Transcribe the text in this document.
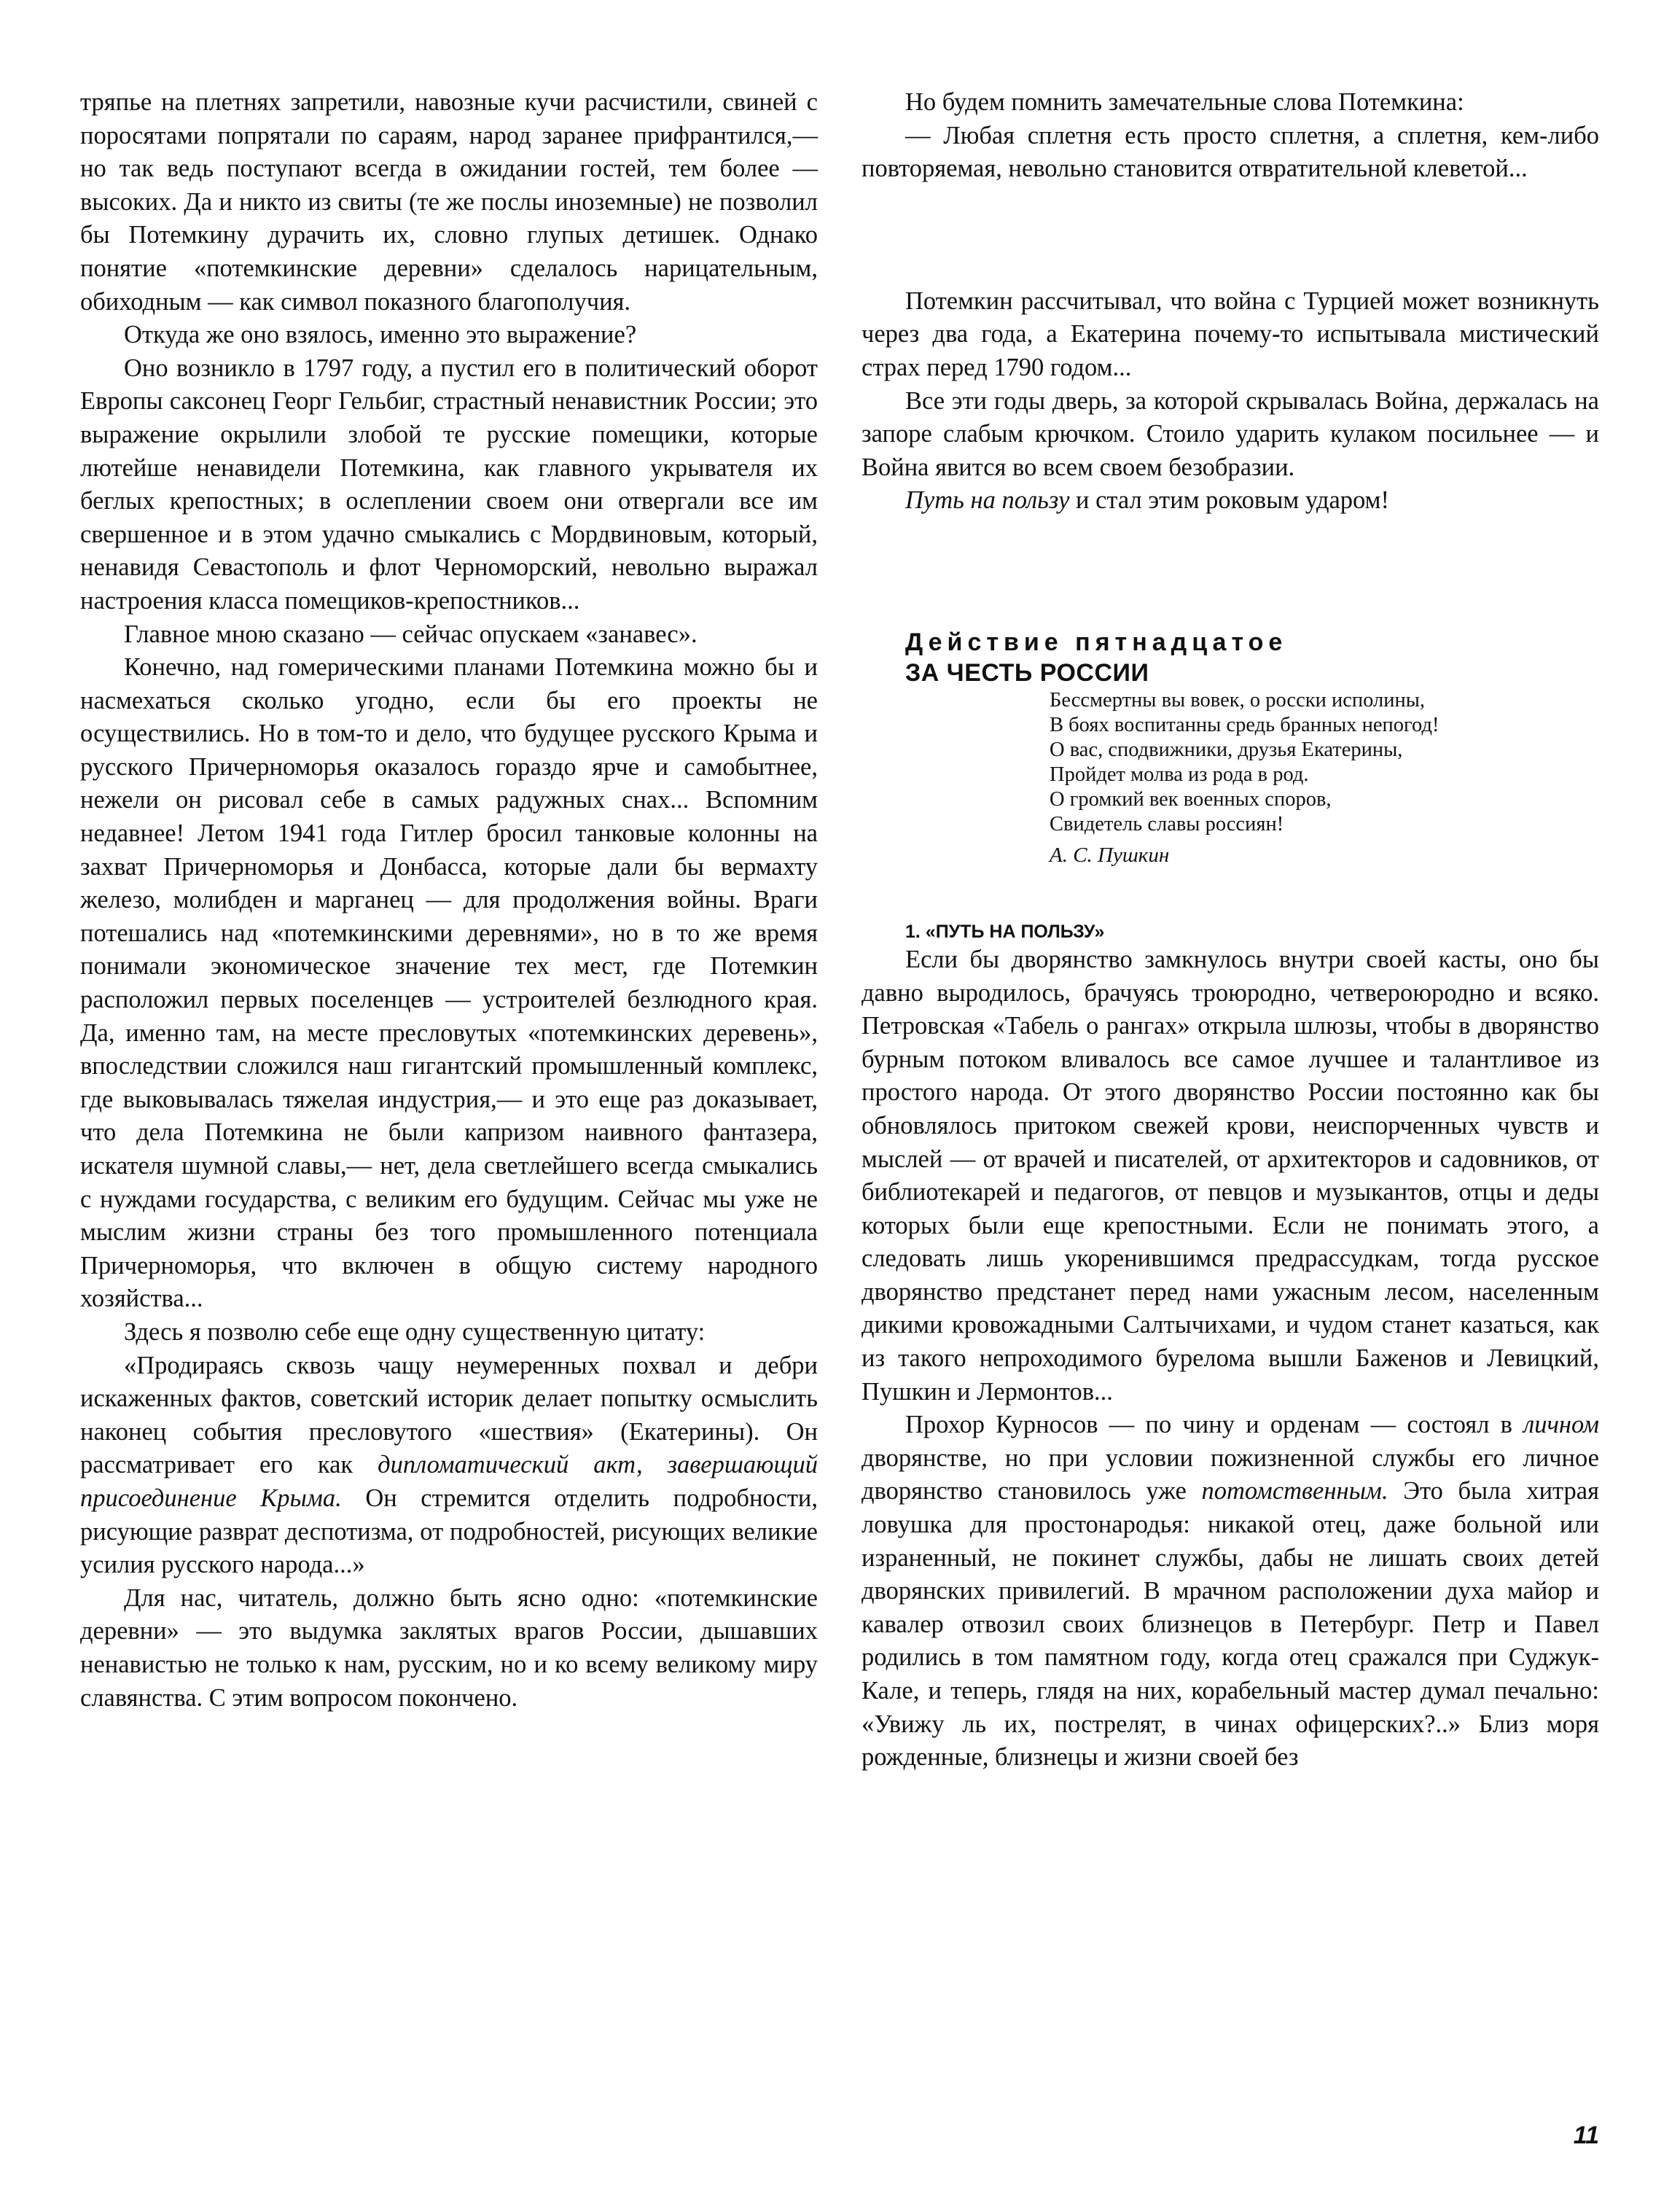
тряпье на плетнях запретили, навозные кучи расчистили, свиней с поросятами попрятали по сараям, народ заранее прифрантился,— но так ведь поступают всегда в ожидании гостей, тем более — высоких. Да и никто из свиты (те же послы иноземные) не позволил бы Потемкину дурачить их, словно глупых детишек. Однако понятие «потемкинские деревни» сделалось нарицательным, обиходным — как символ показного благополучия.

Откуда же оно взялось, именно это выражение?

Оно возникло в 1797 году, а пустил его в политический оборот Европы саксонец Георг Гельбиг, страстный ненавистник России; это выражение окрылили злобой те русские помещики, которые лютейше ненавидели Потемкина, как главного укрывателя их беглых крепостных; в ослеплении своем они отвергали все им свершенное и в этом удачно смыкались с Мордвиновым, который, ненавидя Севастополь и флот Черноморский, невольно выражал настроения класса помещиков-крепостников...

Главное мною сказано — сейчас опускаем «занавес».

Конечно, над гомерическими планами Потемкина можно бы и насмехаться сколько угодно, если бы его проекты не осуществились. Но в том-то и дело, что будущее русского Крыма и русского Причерноморья оказалось гораздо ярче и самобытнее, нежели он рисовал себе в самых радужных снах... Вспомним недавнее! Летом 1941 года Гитлер бросил танковые колонны на захват Причерноморья и Донбасса, которые дали бы вермахту железо, молибден и марганец — для продолжения войны. Враги потешались над «потемкинскими деревнями», но в то же время понимали экономическое значение тех мест, где Потемкин расположил первых поселенцев — устроителей безлюдного края. Да, именно там, на месте пресловутых «потемкинских деревень», впоследствии сложился наш гигантский промышленный комплекс, где выковывалась тяжелая индустрия,— и это еще раз доказывает, что дела Потемкина не были капризом наивного фантазера, искателя шумной славы,— нет, дела светлейшего всегда смыкались с нуждами государства, с великим его будущим. Сейчас мы уже не мыслим жизни страны без того промышленного потенциала Причерноморья, что включен в общую систему народного хозяйства...

Здесь я позволю себе еще одну существенную цитату:

«Продираясь сквозь чащу неумеренных похвал и дебри искаженных фактов, советский историк делает попытку осмыслить наконец события пресловутого «шествия» (Екатерины). Он рассматривает его как дипломатический акт, завершающий присоединение Крыма. Он стремится отделить подробности, рисующие разврат деспотизма, от подробностей, рисующих великие усилия русского народа...»

Для нас, читатель, должно быть ясно одно: «потемкинские деревни» — это выдумка заклятых врагов России, дышавших ненавистью не только к нам, русским, но и ко всему великому миру славянства. С этим вопросом покончено.

Но будем помнить замечательные слова Потемкина:

— Любая сплетня есть просто сплетня, а сплетня, кем-либо повторяемая, невольно становится отвратительной клеветой...

Потемкин рассчитывал, что война с Турцией может возникнуть через два года, а Екатерина почему-то испытывала мистический страх перед 1790 годом...

Все эти годы дверь, за которой скрывалась Война, держалась на запоре слабым крючком. Стоило ударить кулаком посильнее — и Война явится во всем своем безобразии.

Путь на пользу и стал этим роковым ударом!

Действие пятнадцатое

ЗА ЧЕСТЬ РОССИИ

Бессмертны вы вовек, о росски исполины,
В боях воспитанны средь бранных непогод!
О вас, сподвижники, друзья Екатерины,
Пройдет молва из рода в род.
О громкий век военных споров,
Свидетель славы россиян!
А. С. Пушкин

1. «ПУТЬ НА ПОЛЬЗУ»

Если бы дворянство замкнулось внутри своей касты, оно бы давно выродилось, брачуясь троюродно, четвероюродно и всяко. Петровская «Табель о рангах» открыла шлюзы, чтобы в дворянство бурным потоком вливалось все самое лучшее и талантливое из простого народа. От этого дворянство России постоянно как бы обновлялось притоком свежей крови, неиспорченных чувств и мыслей — от врачей и писателей, от архитекторов и садовников, от библиотекарей и педагогов, от певцов и музыкантов, отцы и деды которых были еще крепостными. Если не понимать этого, а следовать лишь укоренившимся предрассудкам, тогда русское дворянство предстанет перед нами ужасным лесом, населенным дикими кровожадными Салтычихами, и чудом станет казаться, как из такого непроходимого бурелома вышли Баженов и Левицкий, Пушкин и Лермонтов...

Прохор Курносов — по чину и орденам — состоял в личном дворянстве, но при условии пожизненной службы его личное дворянство становилось уже потомственным. Это была хитрая ловушка для простонародья: никакой отец, даже больной или израненный, не покинет службы, дабы не лишать своих детей дворянских привилегий. В мрачном расположении духа майор и кавалер отвозил своих близнецов в Петербург. Петр и Павел родились в том памятном году, когда отец сражался при Суджук-Кале, и теперь, глядя на них, корабельный мастер думал печально: «Увижу ль их, пострелят, в чинах офицерских?..» Близ моря рожденные, близнецы и жизни своей без

11
